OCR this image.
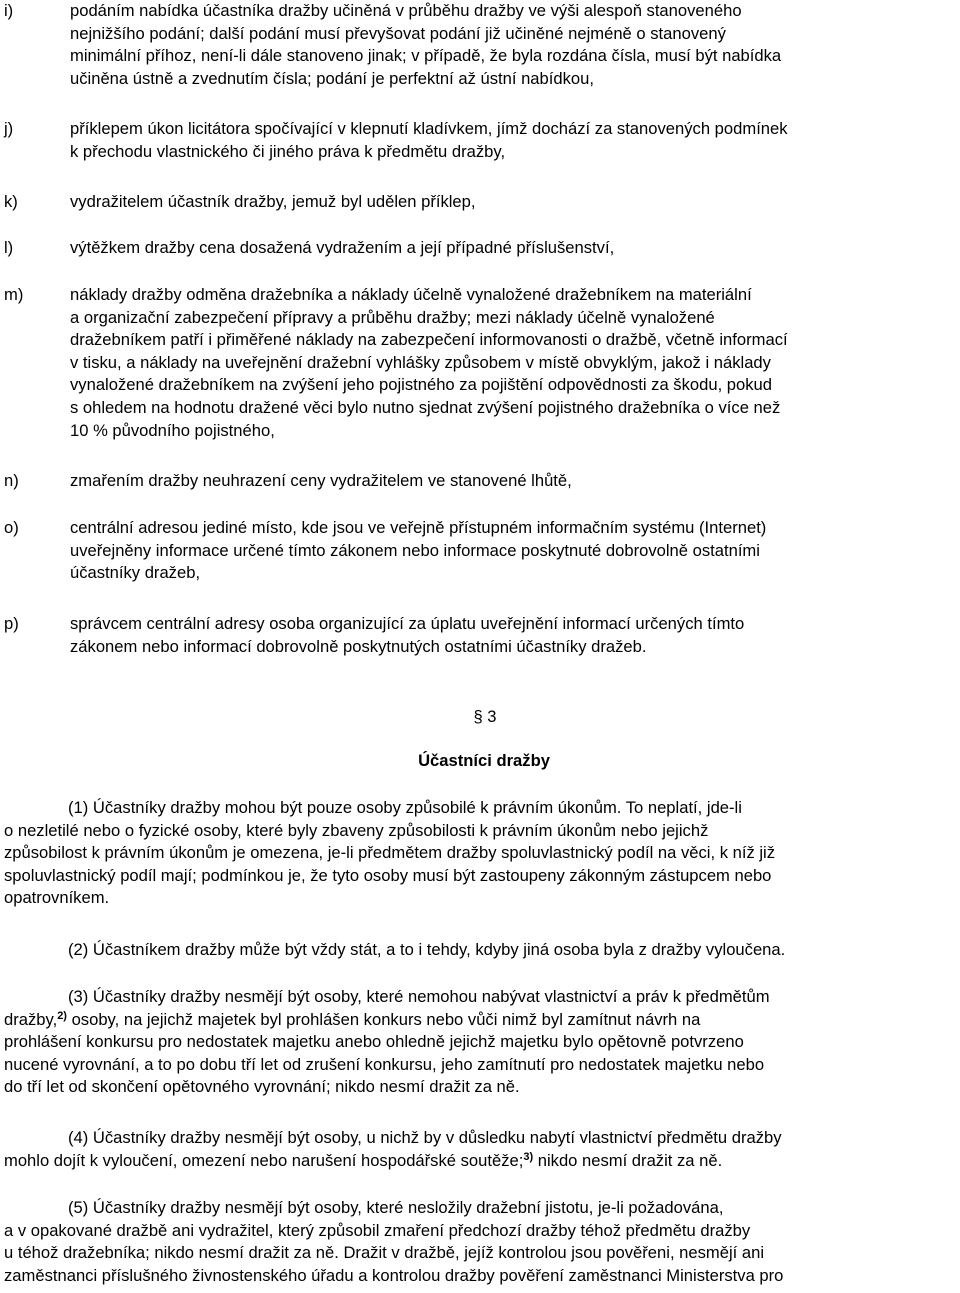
i)	podáním nabídka účastníka dražby učiněná v průběhu dražby ve výši alespoň stanoveného
nejnižšího podání; další podání musí převyšovat podání již učiněné nejméně o stanovený
minimální příhoz, není-li dále stanoveno jinak; v případě, že byla rozdána čísla, musí být nabídka
učiněna ústně a zvednutím čísla; podání je perfektní až ústní nabídkou,
j)	příklepem úkon licitátora spočívající v klepnutí kladívkem, jímž dochází za stanovených podmínek
k přechodu vlastnického či jiného práva k předmětu dražby,
k)	vydražitelem účastník dražby, jemuž byl udělen příklep,
l)	výtěžkem dražby cena dosažená vydražením a její případné příslušenství,
m)	náklady dražby odměna dražebníka a náklady účelně vynaložené dražebníkem na materiální
a organizační zabezpečení přípravy a průběhu dražby; mezi náklady účelně vynaložené
dražebníkem patří i přiměřené náklady na zabezpečení informovanosti o dražbě, včetně informací
v tisku, a náklady na uveřejnění dražební vyhlášky způsobem v místě obvyklým, jakož i náklady
vynaložené dražebníkem na zvýšení jeho pojistného za pojištění odpovědnosti za škodu, pokud
s ohledem na hodnotu dražené věci bylo nutno sjednat zvýšení pojistného dražebníka o více než
10 % původního pojistného,
n)	zmařením dražby neuhrazení ceny vydražitelem ve stanovené lhůtě,
o)	centrální adresou jediné místo, kde jsou ve veřejně přístupném informačním systému (Internet)
uveřejněny informace určené tímto zákonem nebo informace poskytnuté dobrovolně ostatními
účastníky dražeb,
p)	správcem centrální adresy osoba organizující za úplatu uveřejnění informací určených tímto
zákonem nebo informací dobrovolně poskytnutých ostatními účastníky dražeb.
§ 3
Účastníci dražby
(1) Účastníky dražby mohou být pouze osoby způsobilé k právním úkonům. To neplatí, jde-li
o nezletilé nebo o fyzické osoby, které byly zbaveny způsobilosti k právním úkonům nebo jejichž
způsobilost k právním úkonům je omezena, je-li předmětem dražby spoluvlastnický podíl na věci, k níž již
spoluvlastnický podíl mají; podmínkou je, že tyto osoby musí být zastoupeny zákonným zástupcem nebo
opatrovníkem.
(2) Účastníkem dražby může být vždy stát, a to i tehdy, kdyby jiná osoba byla z dražby vyloučena.
(3) Účastníky dražby nesmějí být osoby, které nemohou nabývat vlastnictví a práv k předmětům
dražby,$^{2)}$ osoby, na jejichž majetek byl prohlášen konkurs nebo vůči nimž byl zamítnut návrh na
prohlášení konkursu pro nedostatek majetku anebo ohledně jejichž majetku bylo opětovně potvrzeno
nucené vyrovnání, a to po dobu tří let od zrušení konkursu, jeho zamítnutí pro nedostatek majetku nebo
do tří let od skončení opětovného vyrovnání; nikdo nesmí dražit za ně.
(4) Účastníky dražby nesmějí být osoby, u nichž by v důsledku nabytí vlastnictví předmětu dražby
mohlo dojít k vyloučení, omezení nebo narušení hospodářské soutěže;$^{3)}$ nikdo nesmí dražit za ně.
(5) Účastníky dražby nesmějí být osoby, které nesložily dražební jistotu, je-li požadována,
a v opakované dražbě ani vydražitel, který způsobil zmaření předchozí dražby téhož předmětu dražby
u téhož dražebníka; nikdo nesmí dražit za ně. Dražit v dražbě, jejíž kontrolou jsou pověřeni, nesmějí ani
zaměstnanci příslušného živnostenského úřadu a kontrolou dražby pověření zaměstnanci Ministerstva pro
